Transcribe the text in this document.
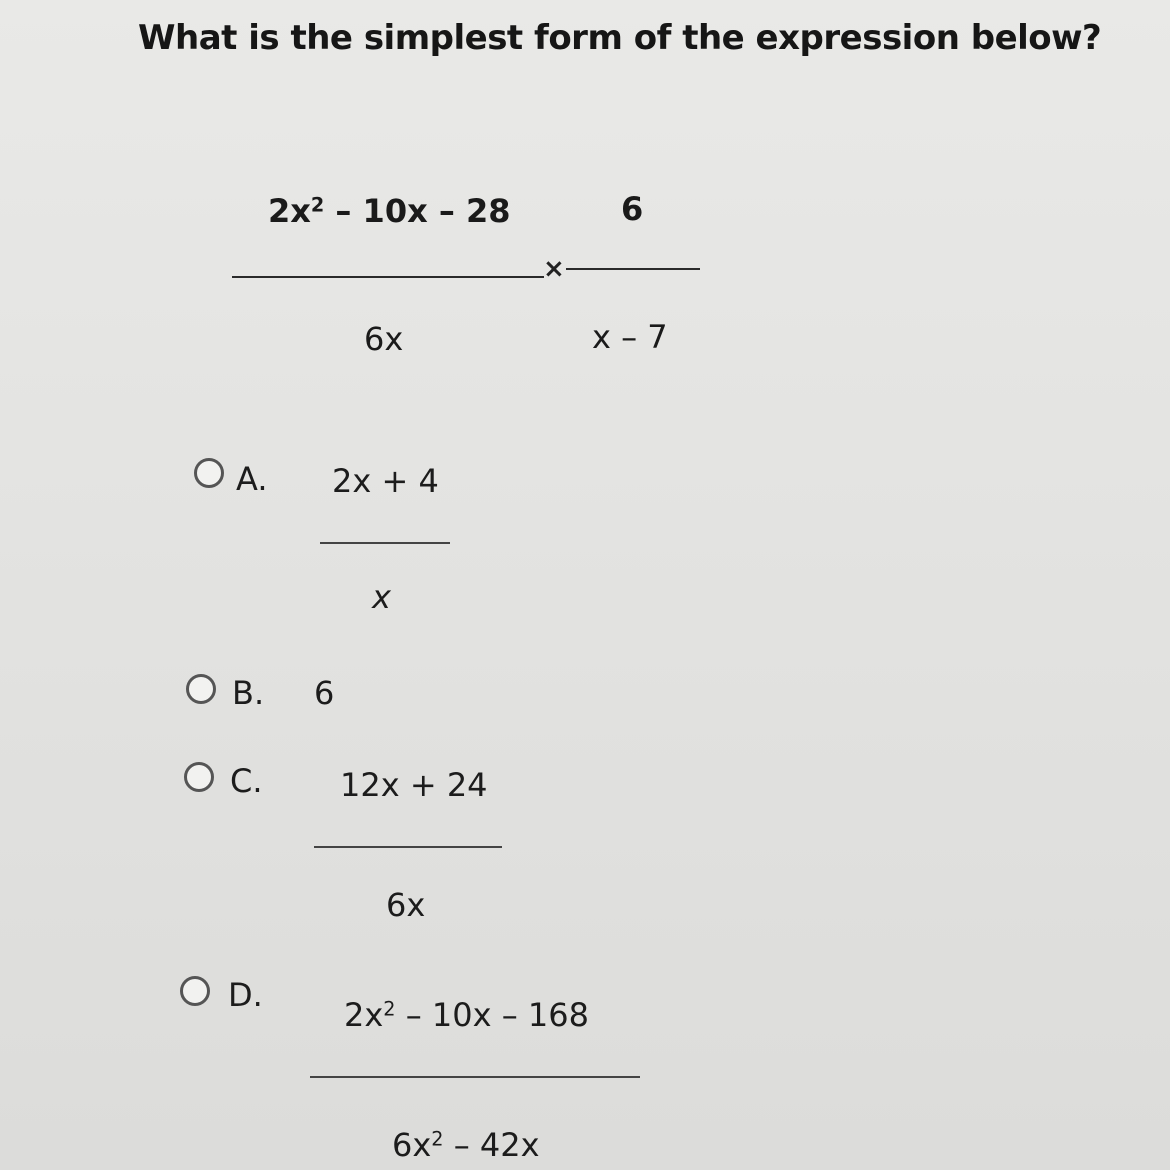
What is the simplest form of the expression below?
$2x^2 - 10x - 28$
×
6
6x	x – 7
A. 2x + 4
x
B. 6
C. 12x + 24
6x
D.
$2x^2 - 10x - 168$
$6x^2 - 42x$
